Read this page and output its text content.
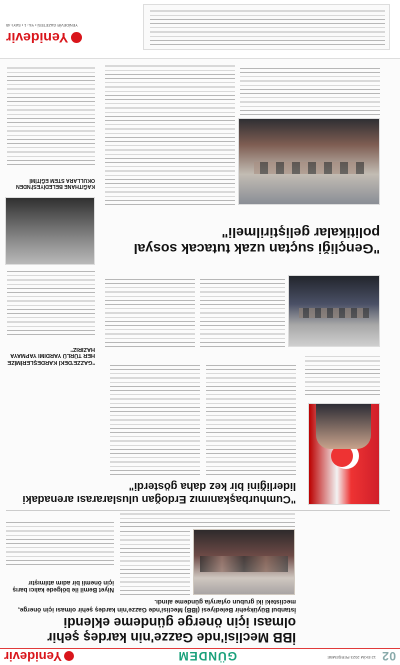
02
12 EKİM 2023 PERŞEMBE
GÜNDEM
Yenidevir
İBB Meclisi'nde Gazze'nin kardeş şehir olması için önerge gündeme eklendi
İstanbul Büyükşehir Belediyesi (İBB) Meclisi'nde Gazze'nin kardeş şehir olması için önerge, meclisteki iki grubun oylarıyla gündeme alındı.
Niyet Bemil ile bölgede kalıcı barış için önemli bir adım atılmıştır
"Cumhurbaşkanımız Erdoğan uluslararası arenadaki liderliğini bir kez daha gösterdi"
"GAZZE'DEKİ KARDEŞLERİMİZE HER TÜRLÜ YARDIMI YAPMAYA HAZIRIZ"
KAĞITHANE BELEDİYESİ'NDEN OKULLARA STEM EĞİTİMİ
"Gençliği suçtan uzak tutacak sosyal politikalar geliştirilmeli"
Yenidevir
YENİDEVİR GAZETESİ • YIL: 1 • SAYI: 45
